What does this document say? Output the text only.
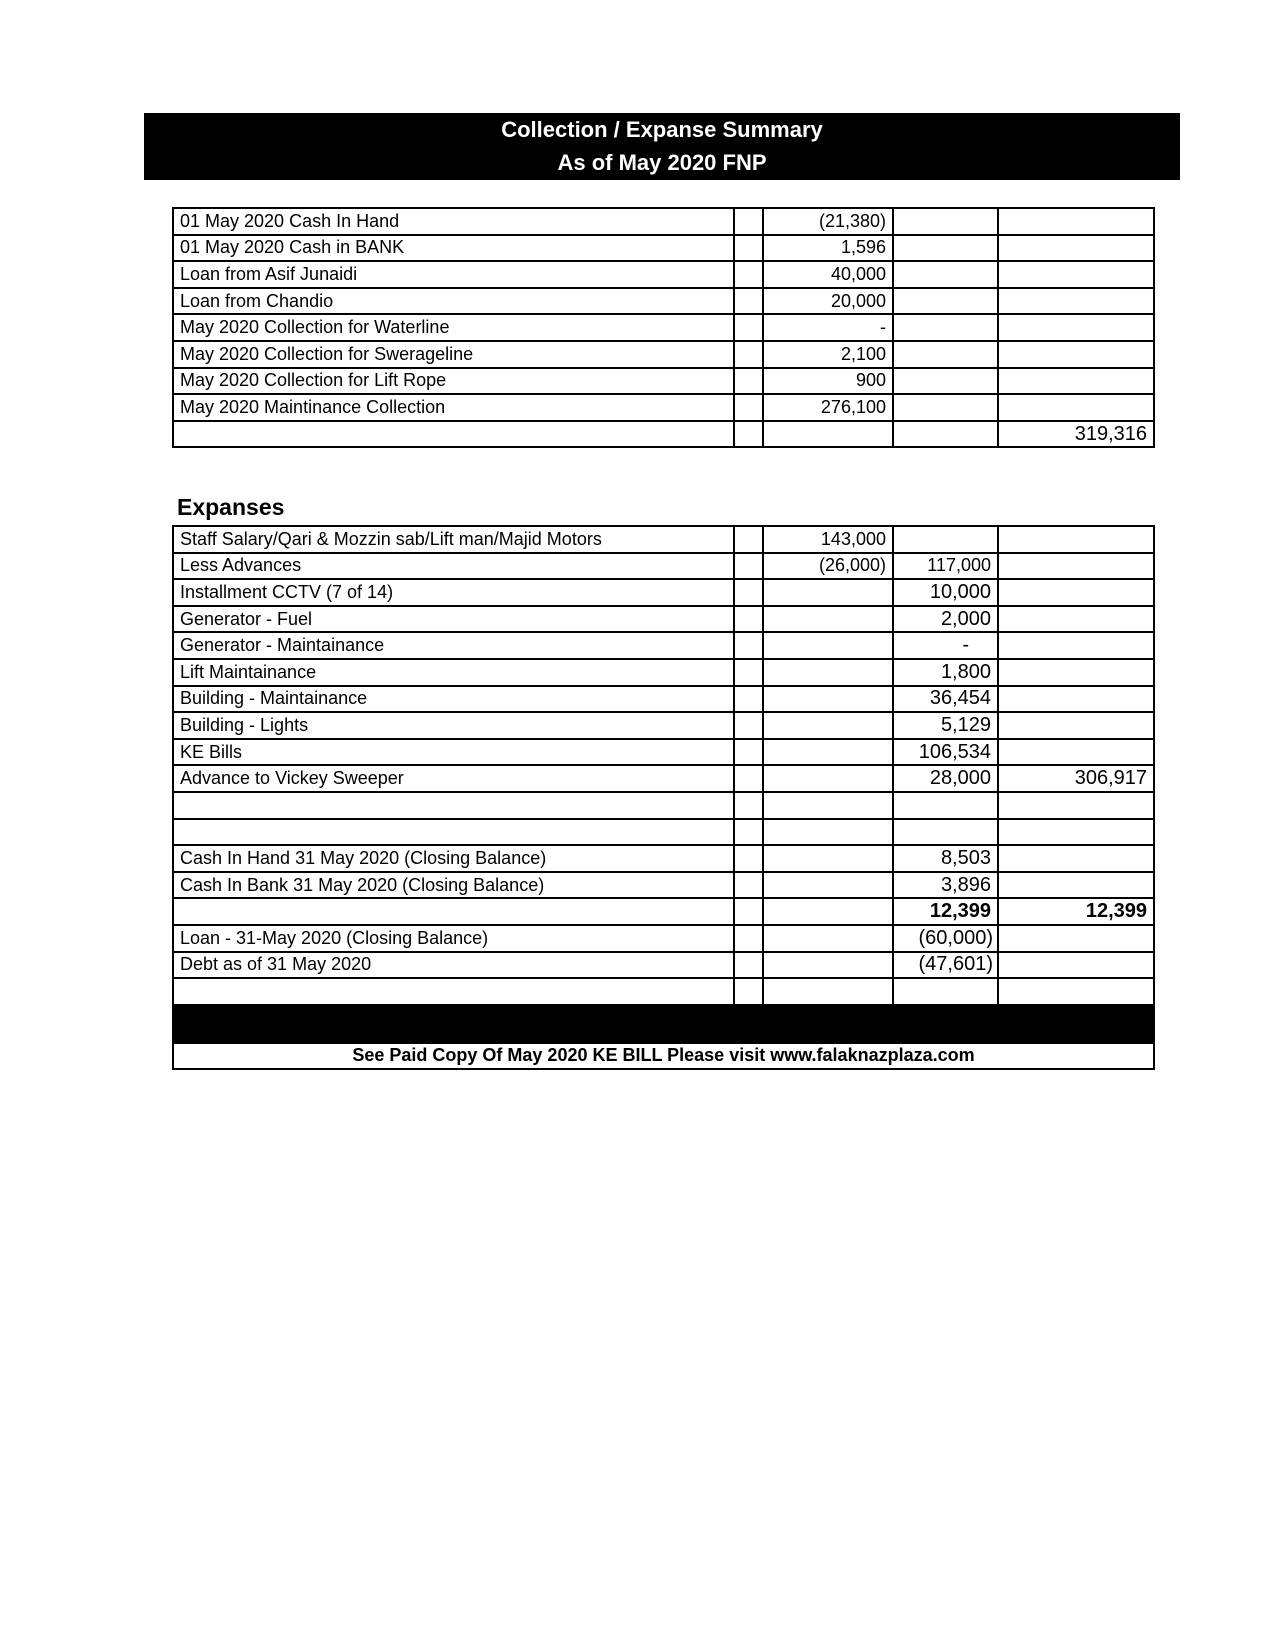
Collection / Expanse Summary
As of May 2020 FNP
01 May 2020 Cash In Hand		(21,380)		
01 May 2020 Cash in BANK		1,596		
Loan from Asif Junaidi		40,000		
Loan from Chandio		20,000		
May 2020 Collection for Waterline		-		
May 2020 Collection for Swerageline		2,100		
May 2020 Collection for Lift Rope		900		
May 2020 Maintinance Collection		276,100		
				319,316
Expanses
Staff Salary/Qari & Mozzin sab/Lift man/Majid Motors		143,000		
Less Advances		(26,000)	117,000	
Installment CCTV (7 of 14)			10,000	
Generator - Fuel			2,000	
Generator - Maintainance			-	
Lift Maintainance			1,800	
Building - Maintainance			36,454	
Building - Lights			5,129	
KE Bills			106,534	
Advance to Vickey Sweeper			28,000	306,917

Cash In Hand 31 May 2020 (Closing Balance)			8,503	
Cash In Bank 31 May 2020 (Closing Balance)			3,896	
			12,399	12,399
Loan - 31-May 2020 (Closing Balance)			(60,000)	
Debt as of 31 May 2020			(47,601)	

See Paid Copy Of May 2020 KE BILL Please visit www.falaknazplaza.com				
